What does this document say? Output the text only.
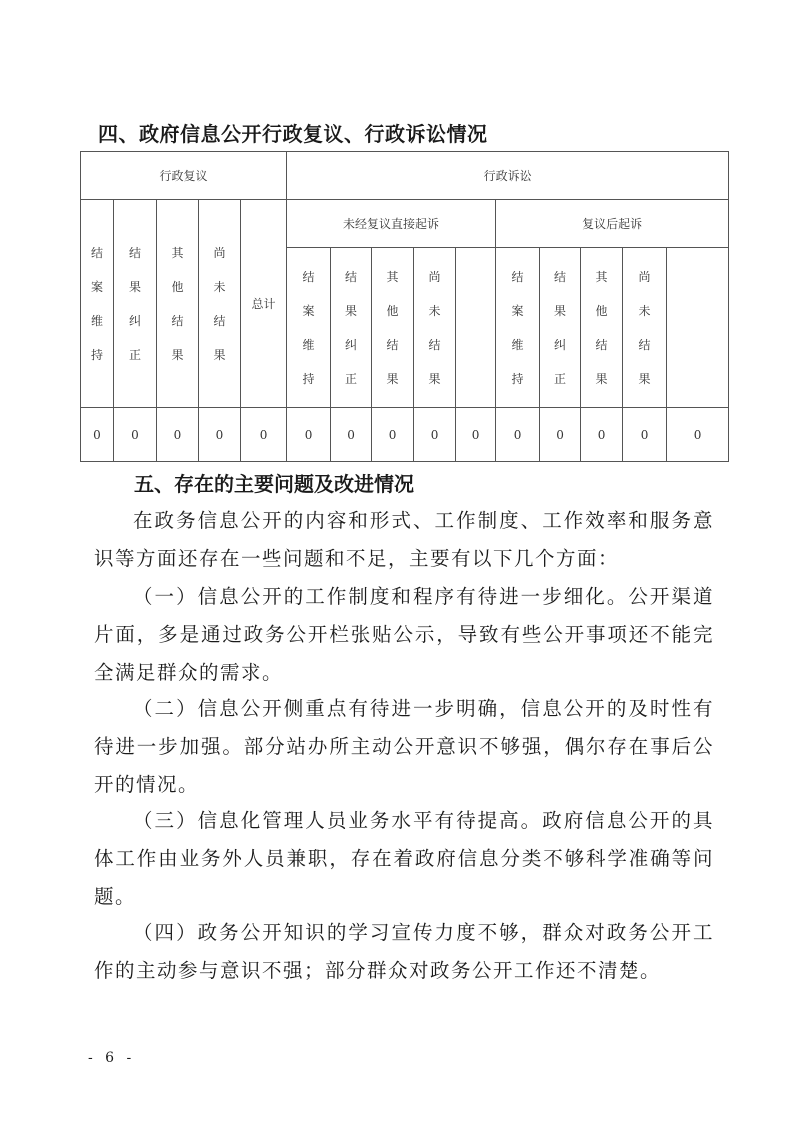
四、政府信息公开行政复议、行政诉讼情况
行政复议					行政诉讼									
结案维持	结果纠正	其他结果	尚未结果	总计	未经复议直接起诉					复议后起诉				
					结案维持	结果纠正	其他结果	尚未结果		结案维持	结果纠正	其他结果	尚未结果	
0	0	0	0	0	0	0	0	0	0	0	0	0	0	0
五、存在的主要问题及改进情况

在政务信息公开的内容和形式、工作制度、工作效率和服务意识等方面还存在一些问题和不足，主要有以下几个方面：

（一）信息公开的工作制度和程序有待进一步细化。公开渠道片面，多是通过政务公开栏张贴公示，导致有些公开事项还不能完全满足群众的需求。

（二）信息公开侧重点有待进一步明确，信息公开的及时性有待进一步加强。部分站办所主动公开意识不够强，偶尔存在事后公开的情况。

（三）信息化管理人员业务水平有待提高。政府信息公开的具体工作由业务外人员兼职，存在着政府信息分类不够科学准确等问题。

（四）政务公开知识的学习宣传力度不够，群众对政务公开工作的主动参与意识不强；部分群众对政务公开工作还不清楚。

- 6 -
